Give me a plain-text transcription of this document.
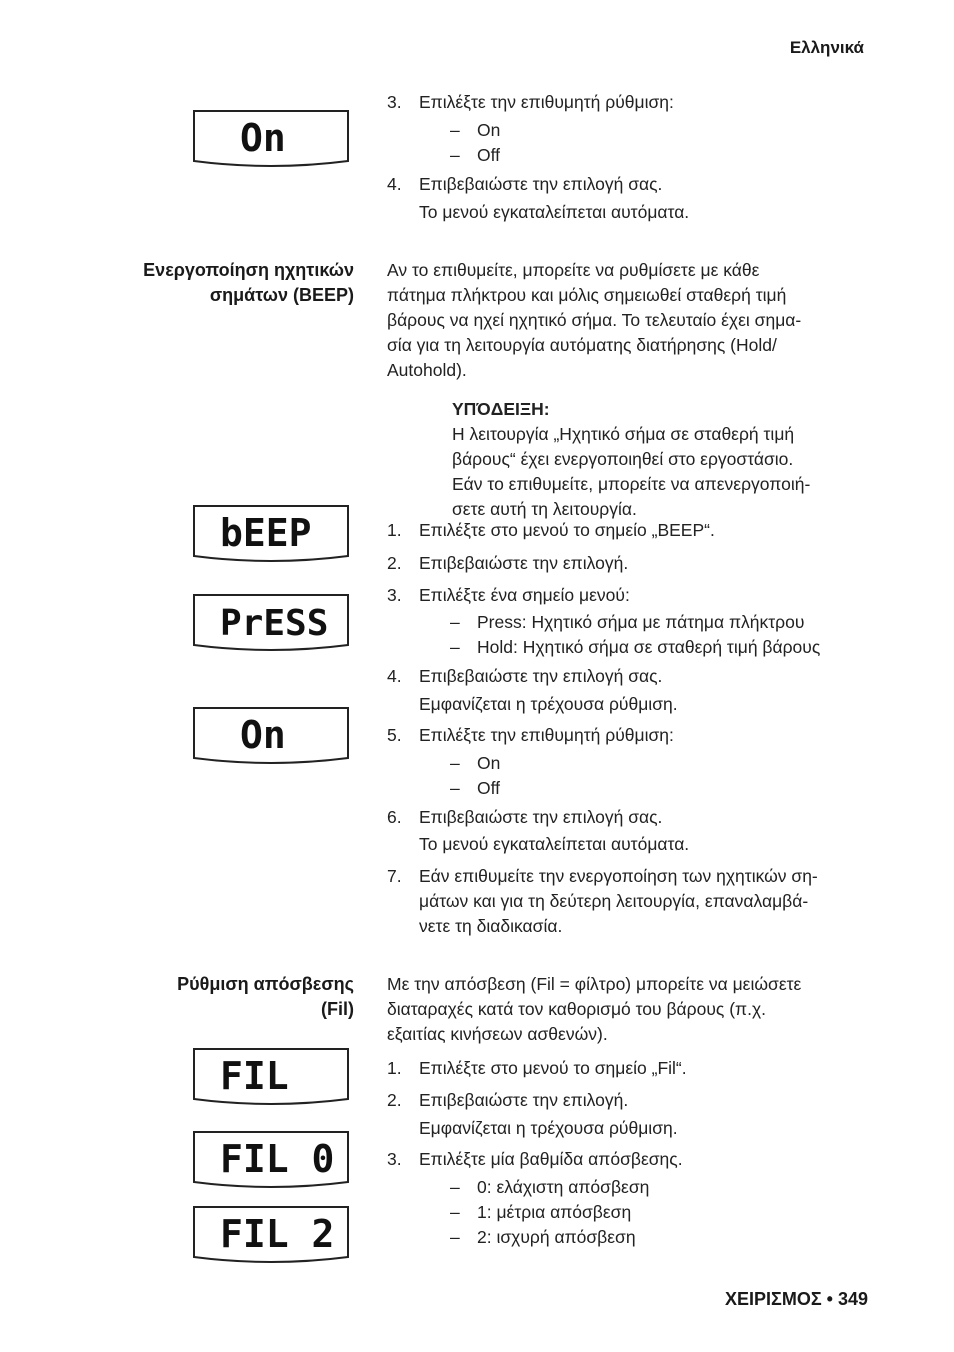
Ελληνικά
On
bEEP
PrESS
On
FIL
FIL 0
FIL 2
3. Επιλέξτε την επιθυμητή ρύθμιση:
– On
– Off
4. Επιβεβαιώστε την επιλογή σας.
Το μενού εγκαταλείπεται αυτόματα.
Ενεργοποίηση ηχητικών
σημάτων (BEEP)
Αν το επιθυμείτε, μπορείτε να ρυθμίσετε με κάθε
πάτημα πλήκτρου και μόλις σημειωθεί σταθερή τιμή
βάρους να ηχεί ηχητικό σήμα. Το τελευταίο έχει σημα-
σία για τη λειτουργία αυτόματης διατήρησης (Hold/
Autohold).
ΥΠΌΔΕΙΞΗ:
Η λειτουργία „Ηχητικό σήμα σε σταθερή τιμή
βάρους“ έχει ενεργοποιηθεί στο εργοστάσιο.
Εάν το επιθυμείτε, μπορείτε να απενεργοποιή-
σετε αυτή τη λειτουργία.
1. Επιλέξτε στο μενού το σημείο „BEEP“.
2. Επιβεβαιώστε την επιλογή.
3. Επιλέξτε ένα σημείο μενού:
– Press: Ηχητικό σήμα με πάτημα πλήκτρου
– Hold: Ηχητικό σήμα σε σταθερή τιμή βάρους
4. Επιβεβαιώστε την επιλογή σας.
Εμφανίζεται η τρέχουσα ρύθμιση.
5. Επιλέξτε την επιθυμητή ρύθμιση:
– On
– Off
6. Επιβεβαιώστε την επιλογή σας.
Το μενού εγκαταλείπεται αυτόματα.
7. Εάν επιθυμείτε την ενεργοποίηση των ηχητικών ση-
μάτων και για τη δεύτερη λειτουργία, επαναλαμβά-
νετε τη διαδικασία.
Ρύθμιση απόσβεσης
(Fil)
Με την απόσβεση (Fil = φίλτρο) μπορείτε να μειώσετε
διαταραχές κατά τον καθορισμό του βάρους (π.χ.
εξαιτίας κινήσεων ασθενών).
1. Επιλέξτε στο μενού το σημείο „Fil“.
2. Επιβεβαιώστε την επιλογή.
Εμφανίζεται η τρέχουσα ρύθμιση.
3. Επιλέξτε μία βαθμίδα απόσβεσης.
– 0: ελάχιστη απόσβεση
– 1: μέτρια απόσβεση
– 2: ισχυρή απόσβεση
ΧΕΙΡΙΣΜΟΣ • 349
